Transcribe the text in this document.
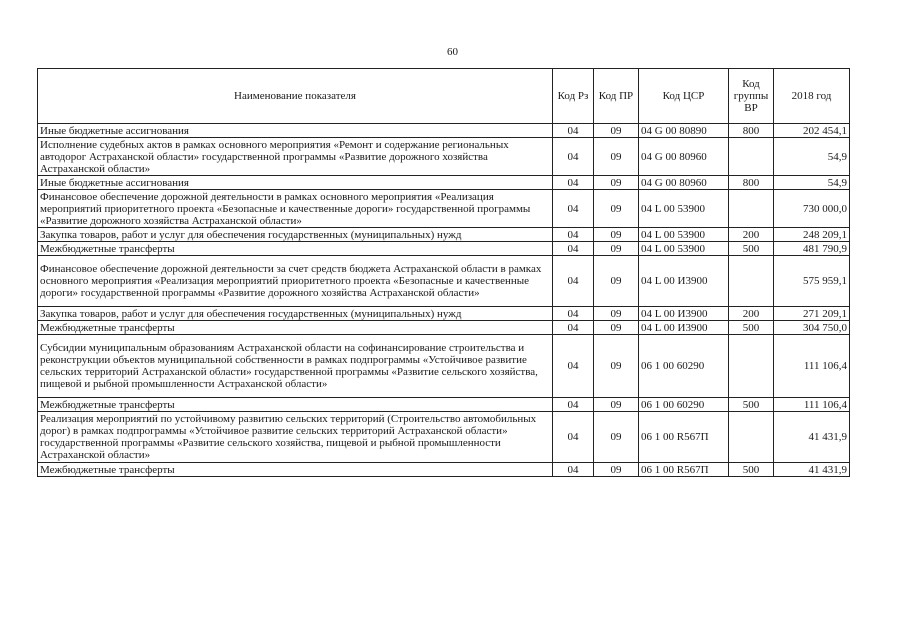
60
Наименование показателя	Код Рз	Код ПР	Код ЦСР	Код группы ВР	2018 год
Иные бюджетные ассигнования	04	09	04 G 00 80890	800	202 454,1
Исполнение судебных актов в рамках основного мероприятия «Ремонт и содержание региональных автодорог Астраханской области» государственной программы «Развитие дорожного хозяйства Астраханской области»	04	09	04 G 00 80960		54,9
Иные бюджетные ассигнования	04	09	04 G 00 80960	800	54,9
Финансовое обеспечение дорожной деятельности в рамках основного мероприятия «Реализация мероприятий приоритетного проекта «Безопасные и качественные дороги» государственной программы «Развитие дорожного хозяйства Астраханской области»	04	09	04 L 00 53900		730 000,0
Закупка товаров, работ и услуг для обеспечения государственных (муниципальных) нужд	04	09	04 L 00 53900	200	248 209,1
Межбюджетные трансферты	04	09	04 L 00 53900	500	481 790,9
Финансовое обеспечение дорожной деятельности за счет средств бюджета Астраханской области в рамках основного мероприятия «Реализация мероприятий приоритетного проекта «Безопасные и качественные дороги» государственной программы «Развитие дорожного хозяйства Астраханской области»	04	09	04 L 00 И3900		575 959,1
Закупка товаров, работ и услуг для обеспечения государственных (муниципальных) нужд	04	09	04 L 00 И3900	200	271 209,1
Межбюджетные трансферты	04	09	04 L 00 И3900	500	304 750,0
Субсидии муниципальным образованиям Астраханской области на софинансирование строительства и реконструкции объектов муниципальной собственности в рамках подпрограммы «Устойчивое развитие сельских территорий Астраханской области» государственной программы «Развитие сельского хозяйства, пищевой и рыбной промышленности Астраханской области»	04	09	06 1 00 60290		111 106,4
Межбюджетные трансферты	04	09	06 1 00 60290	500	111 106,4
Реализация мероприятий по устойчивому развитию сельских территорий (Строительство автомобильных дорог) в рамках подпрограммы «Устойчивое развитие сельских территорий Астраханской области» государственной программы «Развитие сельского хозяйства, пищевой и рыбной промышленности Астраханской области»	04	09	06 1 00 R567П		41 431,9
Межбюджетные трансферты	04	09	06 1 00 R567П	500	41 431,9
